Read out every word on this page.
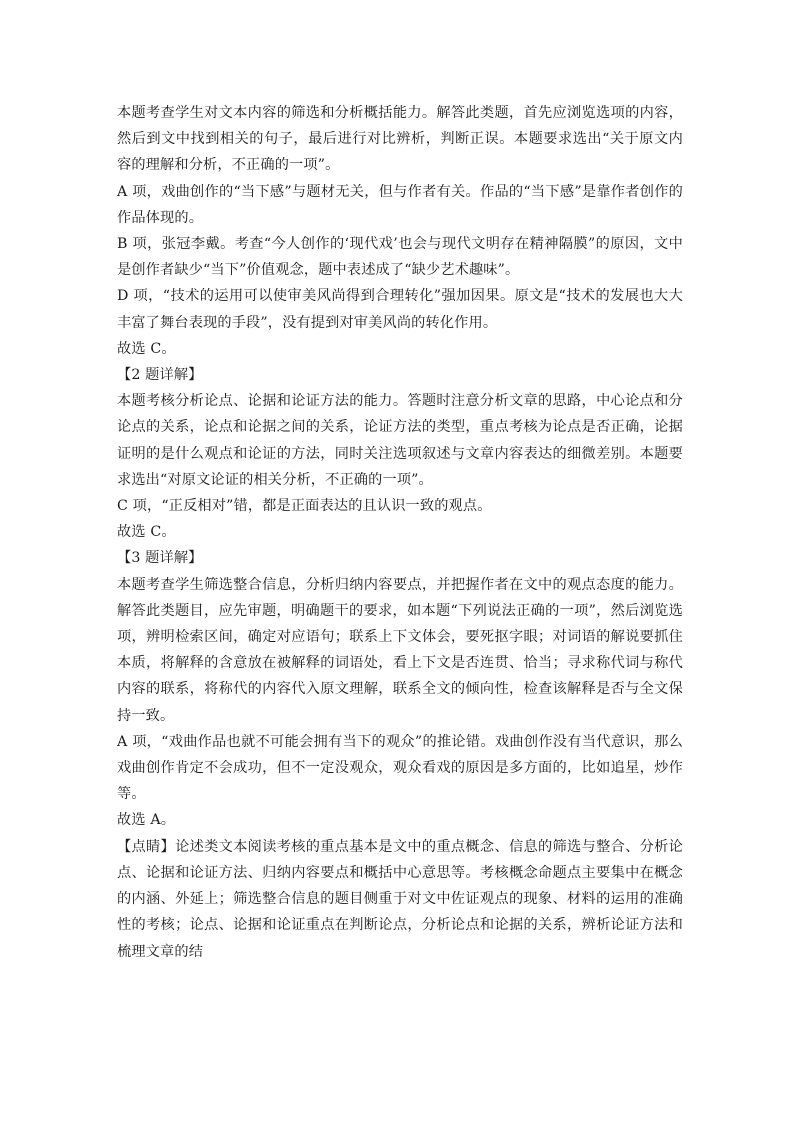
本题考查学生对文本内容的筛选和分析概括能力。解答此类题，首先应浏览选项的内容，然后到文中找到相关的句子，最后进行对比辨析，判断正误。本题要求选出“关于原文内容的理解和分析，不正确的一项”。

A 项，戏曲创作的“当下感”与题材无关，但与作者有关。作品的“当下感”是靠作者创作的作品体现的。

B 项，张冠李戴。考查“今人创作的‘现代戏’也会与现代文明存在精神隔膜”的原因，文中是创作者缺少“当下”价值观念，题中表述成了“缺少艺术趣味”。

D 项，“技术的运用可以使审美风尚得到合理转化”强加因果。原文是“技术的发展也大大丰富了舞台表现的手段”，没有提到对审美风尚的转化作用。

故选 C。

【2 题详解】

本题考核分析论点、论据和论证方法的能力。答题时注意分析文章的思路，中心论点和分论点的关系，论点和论据之间的关系，论证方法的类型，重点考核为论点是否正确，论据证明的是什么观点和论证的方法，同时关注选项叙述与文章内容表达的细微差别。本题要求选出“对原文论证的相关分析，不正确的一项”。

C 项，“正反相对”错，都是正面表达的且认识一致的观点。

故选 C。

【3 题详解】

本题考查学生筛选整合信息，分析归纳内容要点，并把握作者在文中的观点态度的能力。解答此类题目，应先审题，明确题干的要求，如本题“下列说法正确的一项”，然后浏览选项，辨明检索区间，确定对应语句；联系上下文体会，要死抠字眼；对词语的解说要抓住本质，将解释的含意放在被解释的词语处，看上下文是否连贯、恰当；寻求称代词与称代内容的联系，将称代的内容代入原文理解，联系全文的倾向性，检查该解释是否与全文保持一致。

A 项，“戏曲作品也就不可能会拥有当下的观众”的推论错。戏曲创作没有当代意识，那么戏曲创作肯定不会成功，但不一定没观众，观众看戏的原因是多方面的，比如追星，炒作等。

故选 A。

【点睛】论述类文本阅读考核的重点基本是文中的重点概念、信息的筛选与整合、分析论点、论据和论证方法、归纳内容要点和概括中心意思等。考核概念命题点主要集中在概念的内涵、外延上；筛选整合信息的题目侧重于对文中佐证观点的现象、材料的运用的准确性的考核；论点、论据和论证重点在判断论点，分析论点和论据的关系，辨析论证方法和梳理文章的结
